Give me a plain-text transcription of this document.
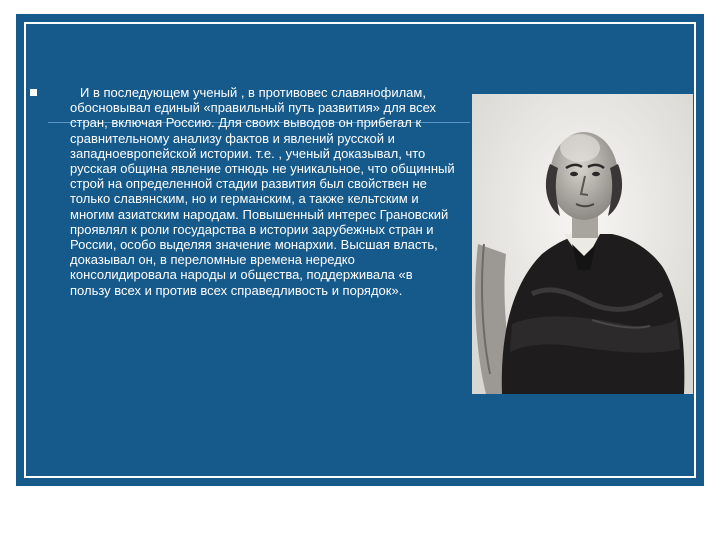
И в последующем ученый , в противовес славянофилам, обосновывал единый «правильный путь развития» для всех стран, включая Россию. Для своих выводов он прибегал к сравнительному анализу фактов и явлений русской и западноевропейской истории. т.е. , ученый доказывал, что русская община явление отнюдь не уникальное, что общинный строй на определенной стадии развития был свойствен не только славянским, но и германским, а также кельтским и многим азиатским народам. Повышенный интерес Грановский проявлял к роли государства в истории зарубежных стран и России, особо выделяя значение монархии. Высшая власть, доказывал он, в переломные времена нередко консолидировала народы и общества, поддерживала «в пользу всех и против всех справедливость и порядок».
